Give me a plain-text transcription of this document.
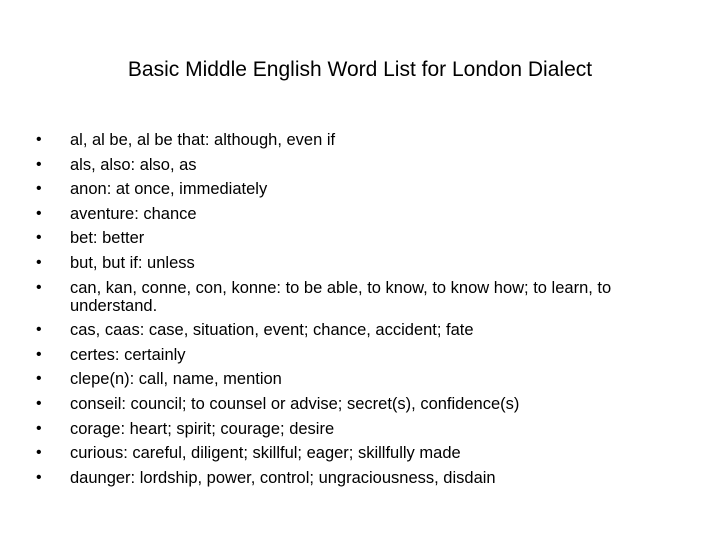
Basic Middle English Word List for London Dialect
•	al, al be, al be that: although, even if
•	als, also: also, as
•	anon: at once, immediately
•	aventure: chance
•	bet: better
•	but, but if: unless
•	can, kan, conne, con, konne: to be able, to know, to know how; to learn, to understand.
•	cas, caas: case, situation, event; chance, accident; fate
•	certes: certainly
•	clepe(n): call, name, mention
•	conseil: council; to counsel or advise; secret(s), confidence(s)
•	corage: heart; spirit; courage; desire
•	curious: careful, diligent; skillful; eager; skillfully made
•	daunger: lordship, power, control; ungraciousness, disdain
